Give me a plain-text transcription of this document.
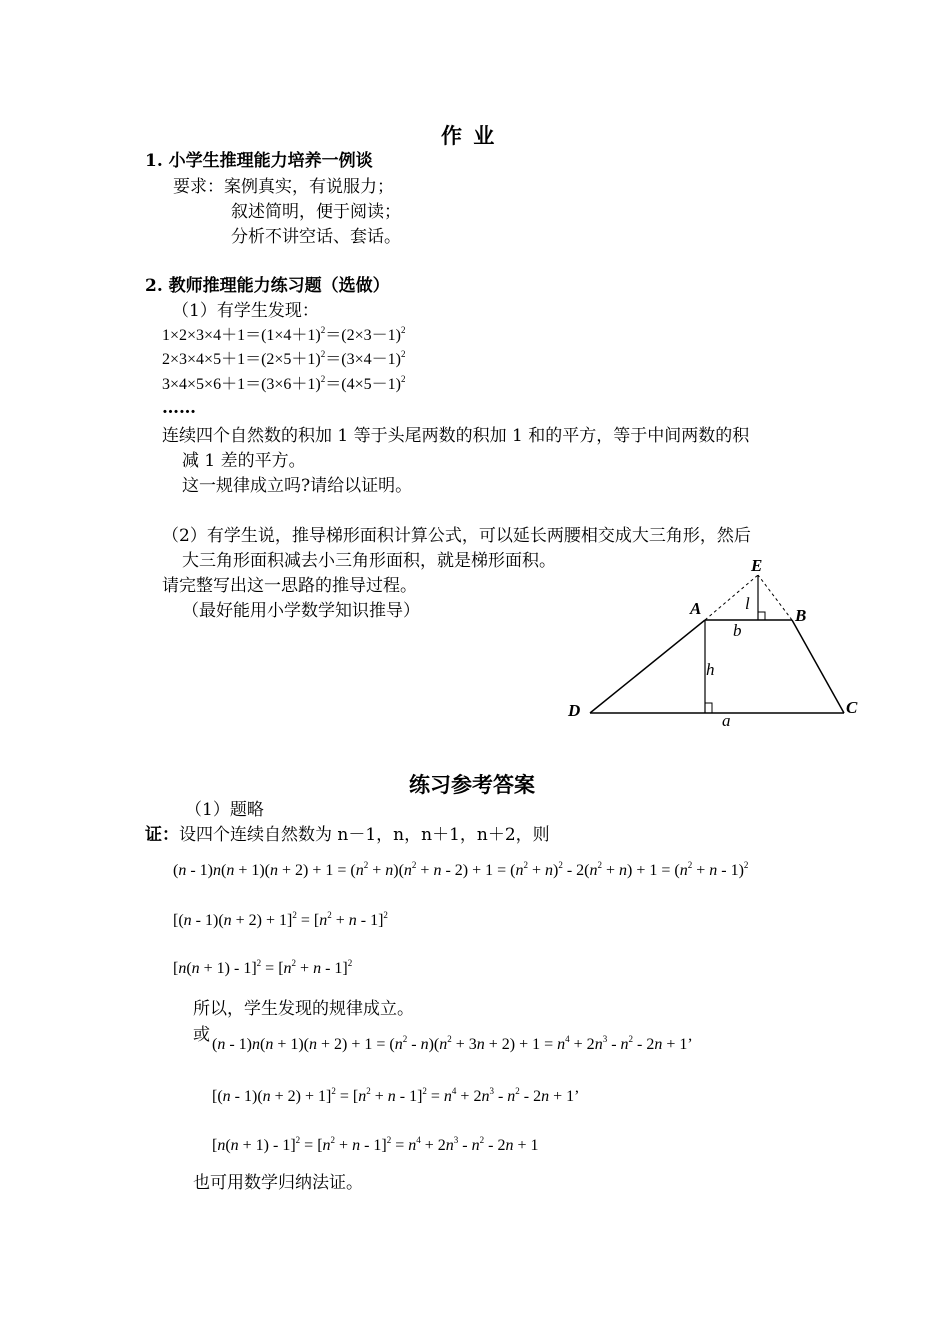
作 业
1. 小学生推理能力培养一例谈
要求：案例真实，有说服力；
叙述简明，便于阅读；
分析不讲空话、套话。
2. 教师推理能力练习题（选做）
（1）有学生发现：
$1\times 2\times 3\times 4+1=(1\times 4+1)^2=(2\times 3-1)^2$
$2\times 3\times 4\times 5+1=(2\times 5+1)^2=(3\times 4-1)^2$
$3\times 4\times 5\times 6+1=(3\times 6+1)^2=(4\times 5-1)^2$
……
连续四个自然数的积加 1 等于头尾两数的积加 1 和的平方，等于中间两数的积
减 1 差的平方。
这一规律成立吗?请给以证明。
（2）有学生说，推导梯形面积计算公式，可以延长两腰相交成大三角形，然后
大三角形面积减去小三角形面积，就是梯形面积。
请完整写出这一思路的推导过程。
（最好能用小学数学知识推导）
E
A	B
C
D
l
b
h
a
练习参考答案
（1）题略
证：设四个连续自然数为 n－1，n，n＋1，n＋2，则
$(n - 1)n(n + 1)(n + 2) + 1 = (n^2 + n)(n^2 + n - 2) + 1 = (n^2 + n)^2 - 2(n^2 + n) + 1 = (n^2 + n - 1)^2$
$[(n - 1)(n + 2) + 1]^2 = [n^2 + n - 1]^2$
$[n(n + 1) - 1]^2 = [n^2 + n - 1]^2$
所以，学生发现的规律成立。
或 $(n - 1)n(n + 1)(n + 2) + 1 = (n^2 - n)(n^2 + 3n + 2) + 1 = n^4 + 2n^3 - n^2 - 2n + 1$’
$[(n - 1)(n + 2) + 1]^2 = [n^2 + n - 1]^2 = n^4 + 2n^3 - n^2 - 2n + 1$’
$[n(n + 1) - 1]^2 = [n^2 + n - 1]^2 = n^4 + 2n^3 - n^2 - 2n + 1$
也可用数学归纳法证。
